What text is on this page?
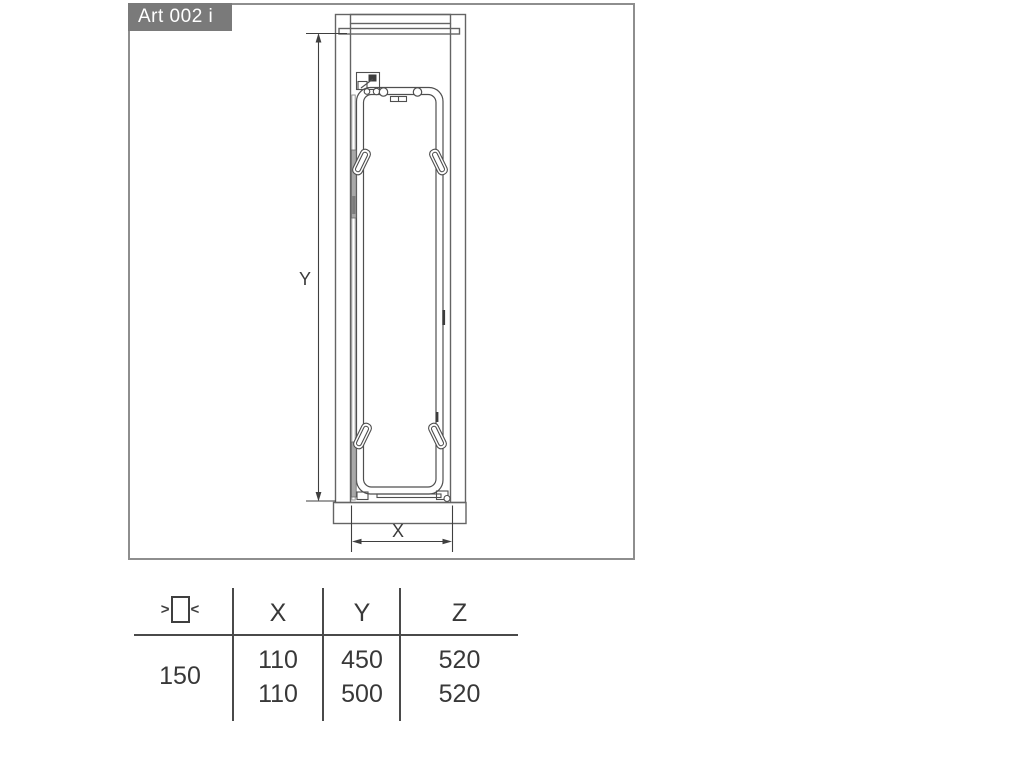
Art 002 i
Y
X
> <	X	Y	Z
150
110	450	520
110	500	520
